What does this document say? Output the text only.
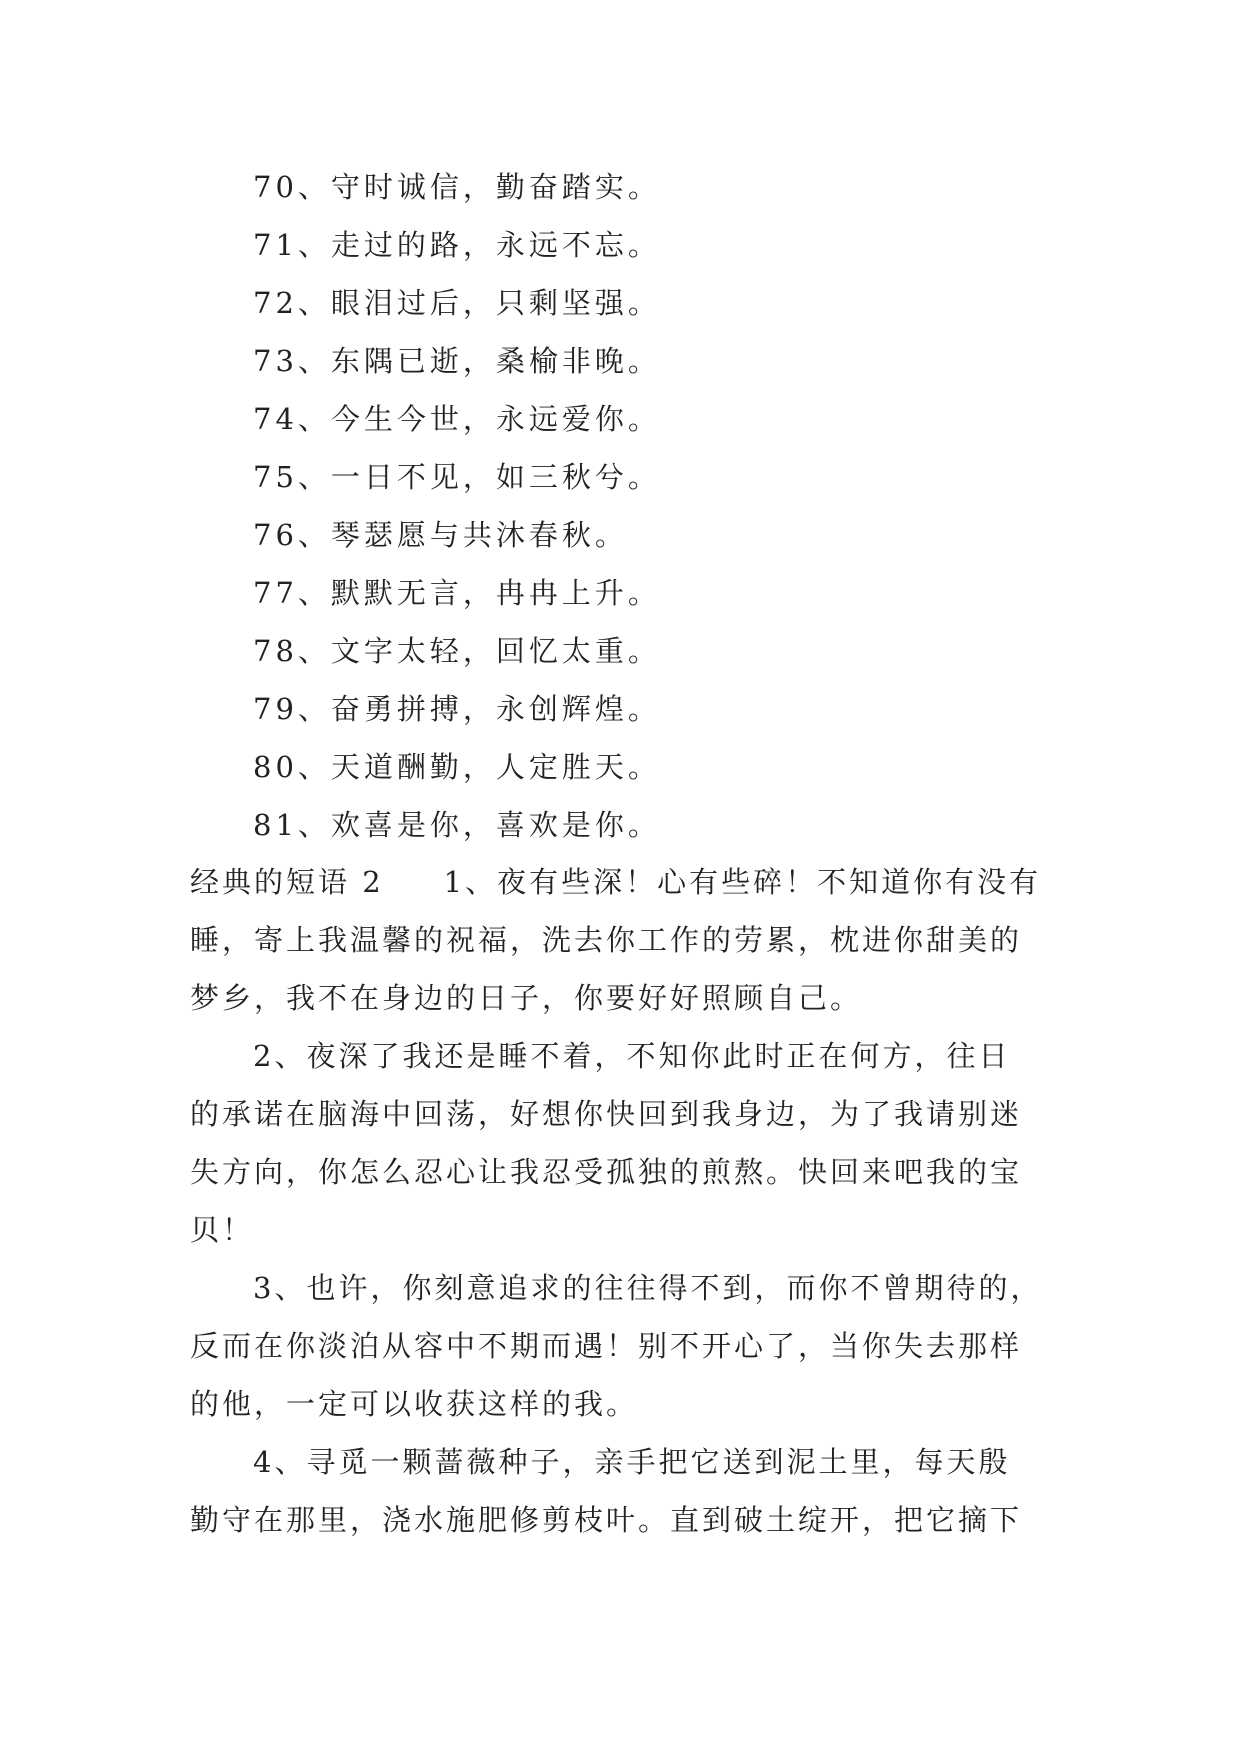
70、守时诚信，勤奋踏实。
71、走过的路，永远不忘。
72、眼泪过后，只剩坚强。
73、东隅已逝，桑榆非晚。
74、今生今世，永远爱你。
75、一日不见，如三秋兮。
76、琴瑟愿与共沐春秋。
77、默默无言，冉冉上升。
78、文字太轻，回忆太重。
79、奋勇拼搏，永创辉煌。
80、天道酬勤，人定胜天。
81、欢喜是你，喜欢是你。
经典的短语 2 1、夜有些深！心有些碎！不知道你有没有
睡，寄上我温馨的祝福，洗去你工作的劳累，枕进你甜美的
梦乡，我不在身边的日子，你要好好照顾自己。
2、夜深了我还是睡不着，不知你此时正在何方，往日
的承诺在脑海中回荡，好想你快回到我身边，为了我请别迷
失方向，你怎么忍心让我忍受孤独的煎熬。快回来吧我的宝
贝！
3、也许，你刻意追求的往往得不到，而你不曾期待的，
反而在你淡泊从容中不期而遇！别不开心了，当你失去那样
的他，一定可以收获这样的我。
4、寻觅一颗蔷薇种子，亲手把它送到泥土里，每天殷
勤守在那里，浇水施肥修剪枝叶。直到破土绽开，把它摘下
